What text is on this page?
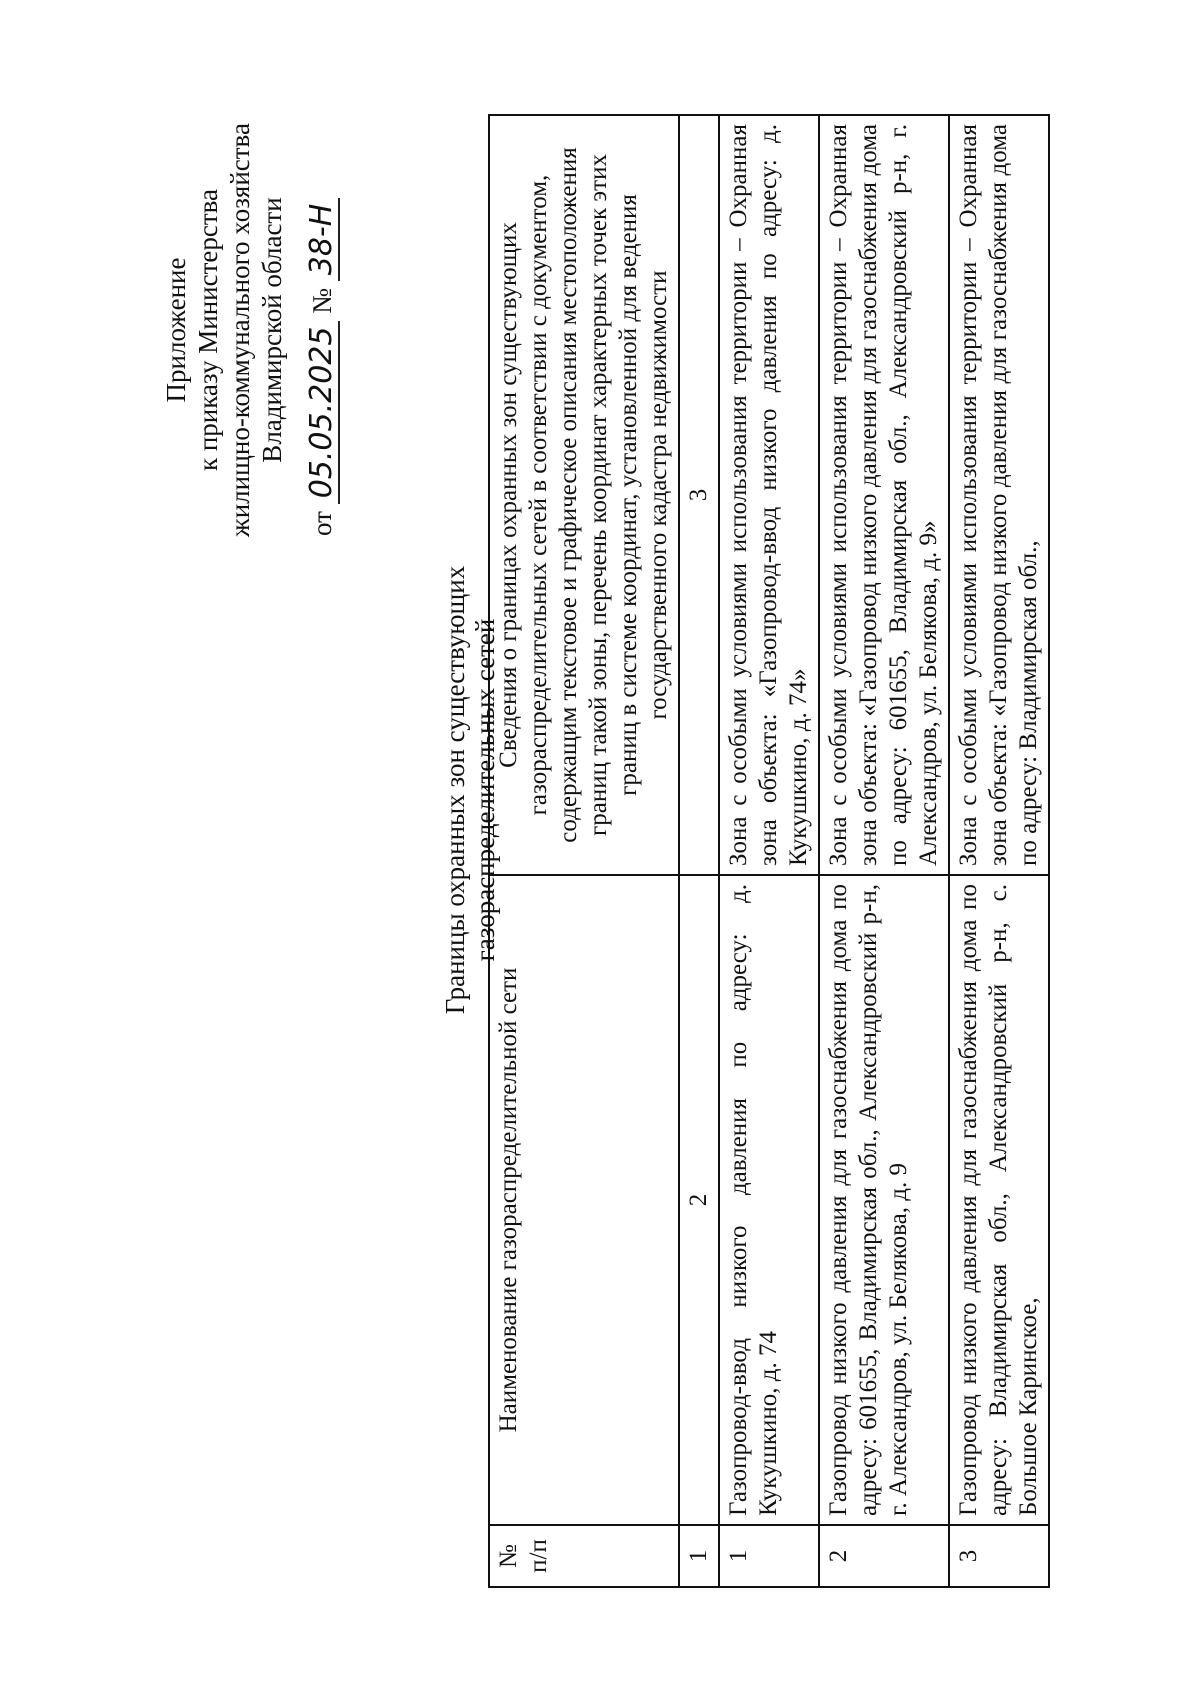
Приложение к приказу Министерства жилищно-коммунального хозяйства Владимирской области
от 05.05.2025 № 38-Н
Границы охранных зон существующих газораспределительных сетей
№ п/п	Наименование газораспределительной сети	Сведения о границах охранных зон существующих газораспределительных сетей в соответствии с документом, содержащим текстовое и графическое описания местоположения границ такой зоны, перечень координат характерных точек этих границ в системе координат, установленной для ведения государственного кадастра недвижимости
1	2	3
1	Газопровод-ввод низкого давления по адресу: д. Кукушкино, д. 74	Зона с особыми условиями использования территории – Охранная зона объекта: «Газопровод-ввод низкого давления по адресу: д. Кукушкино, д. 74»
2	Газопровод низкого давления для газоснабжения дома по адресу: 601655, Владимирская обл., Александровский р-н, г. Александров, ул. Белякова, д. 9	Зона с особыми условиями использования территории – Охранная зона объекта: «Газопровод низкого давления для газоснабжения дома по адресу: 601655, Владимирская обл., Александровский р-н, г. Александров, ул. Белякова, д. 9»
3	Газопровод низкого давления для газоснабжения дома по адресу: Владимирская обл., Александровский р-н, с. Большое Каринское,	Зона с особыми условиями использования территории – Охранная зона объекта: «Газопровод низкого давления для газоснабжения дома по адресу: Владимирская обл.,
